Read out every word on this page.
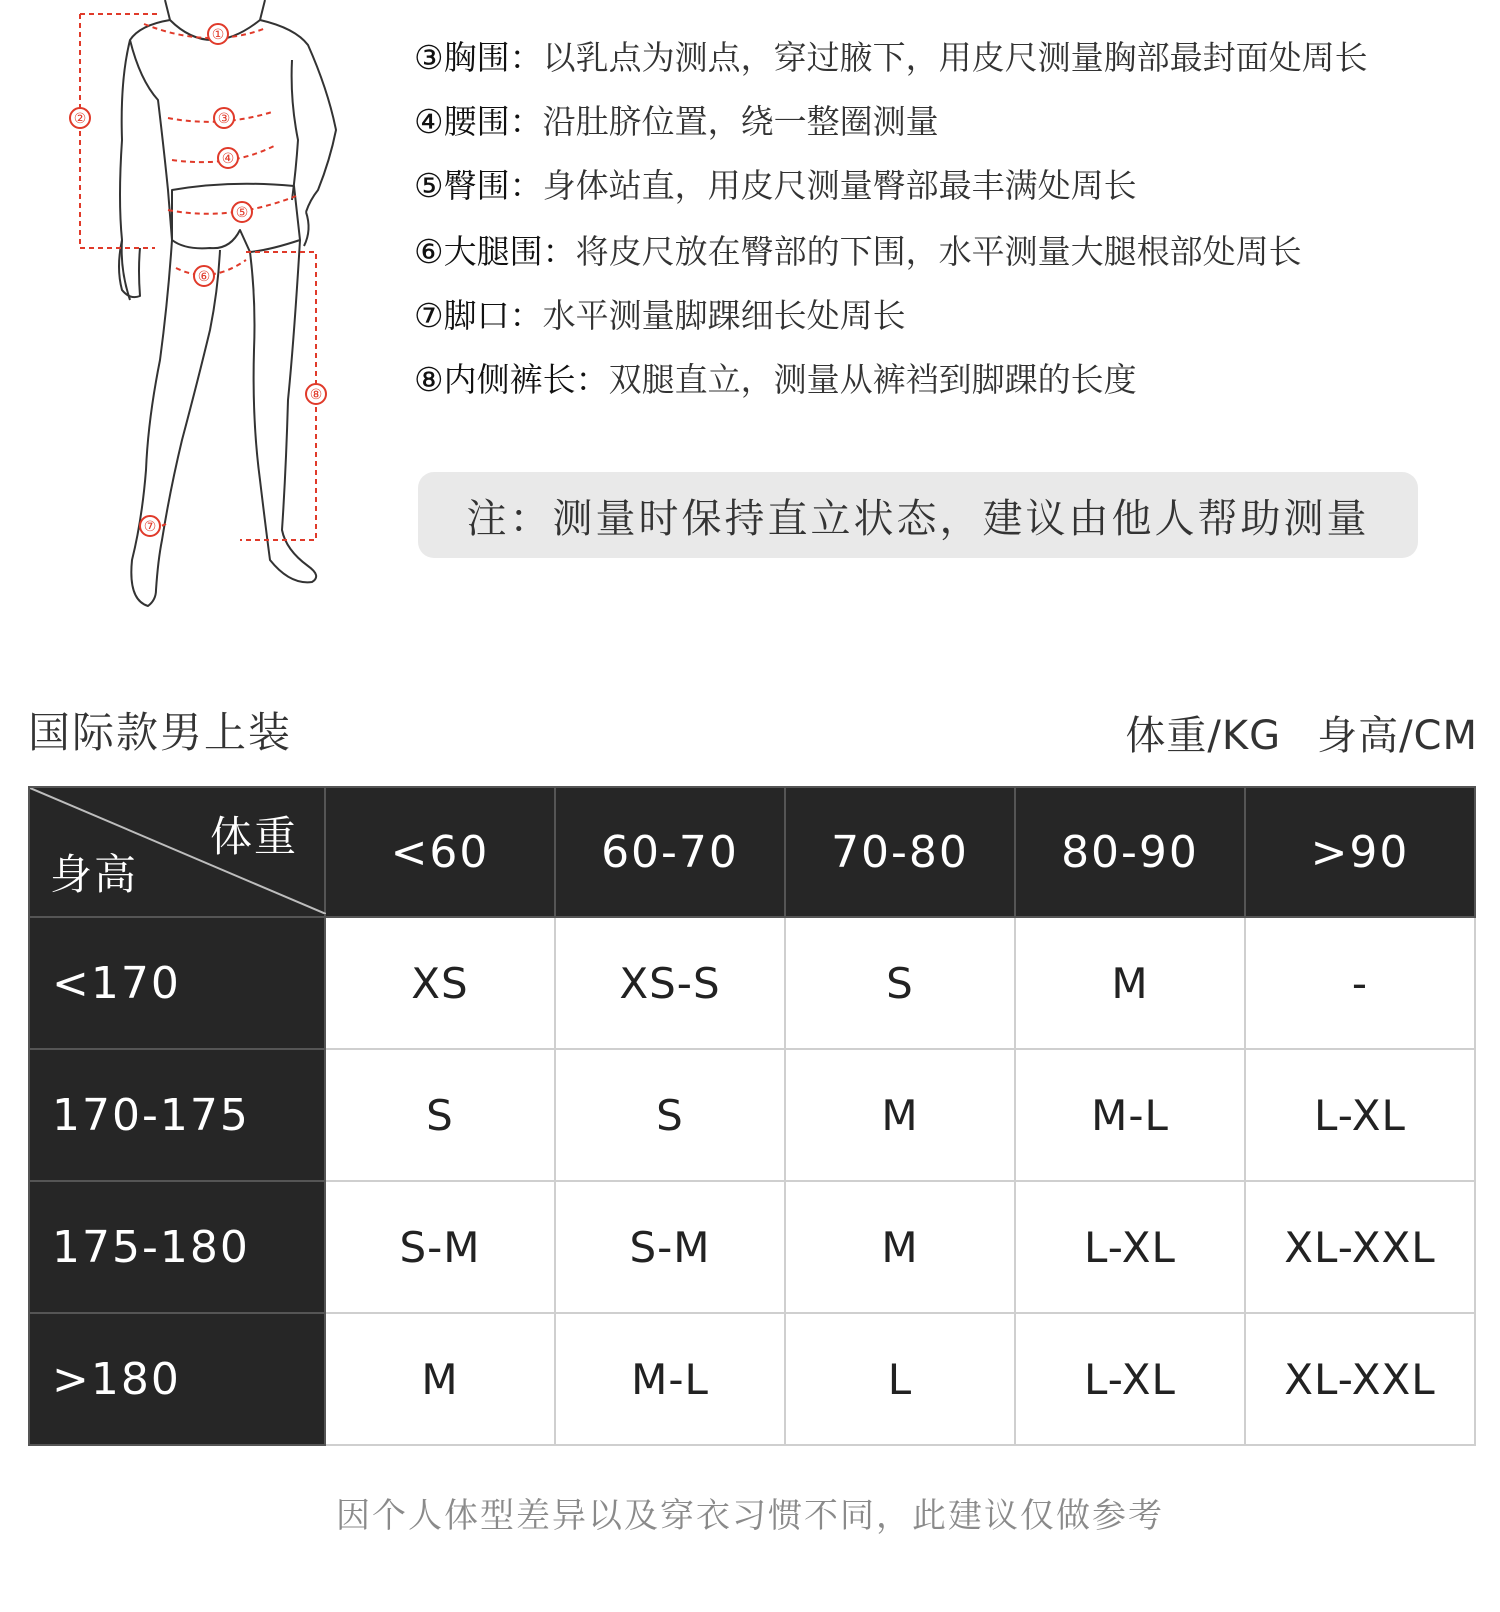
①
②	③
④
⑤
⑥
⑦
⑧
③胸围：以乳点为测点，穿过腋下，用皮尺测量胸部最封面处周长
④腰围：沿肚脐位置，绕一整圈测量
⑤臀围：身体站直，用皮尺测量臀部最丰满处周长
⑥大腿围：将皮尺放在臀部的下围，水平测量大腿根部处周长
⑦脚口：水平测量脚踝细长处周长
⑧内侧裤长：双腿直立，测量从裤裆到脚踝的长度
注：测量时保持直立状态，建议由他人帮助测量
国际款男上装	体重/KG 身高/CM
体重
身高	<60	60-70	70-80	80-90	>90
<170	XS	XS-S	S	M	-
170-175	S	S	M	M-L	L-XL
175-180	S-M	S-M	M	L-XL	XL-XXL
>180	M	M-L	L	L-XL	XL-XXL
因个人体型差异以及穿衣习惯不同，此建议仅做参考
